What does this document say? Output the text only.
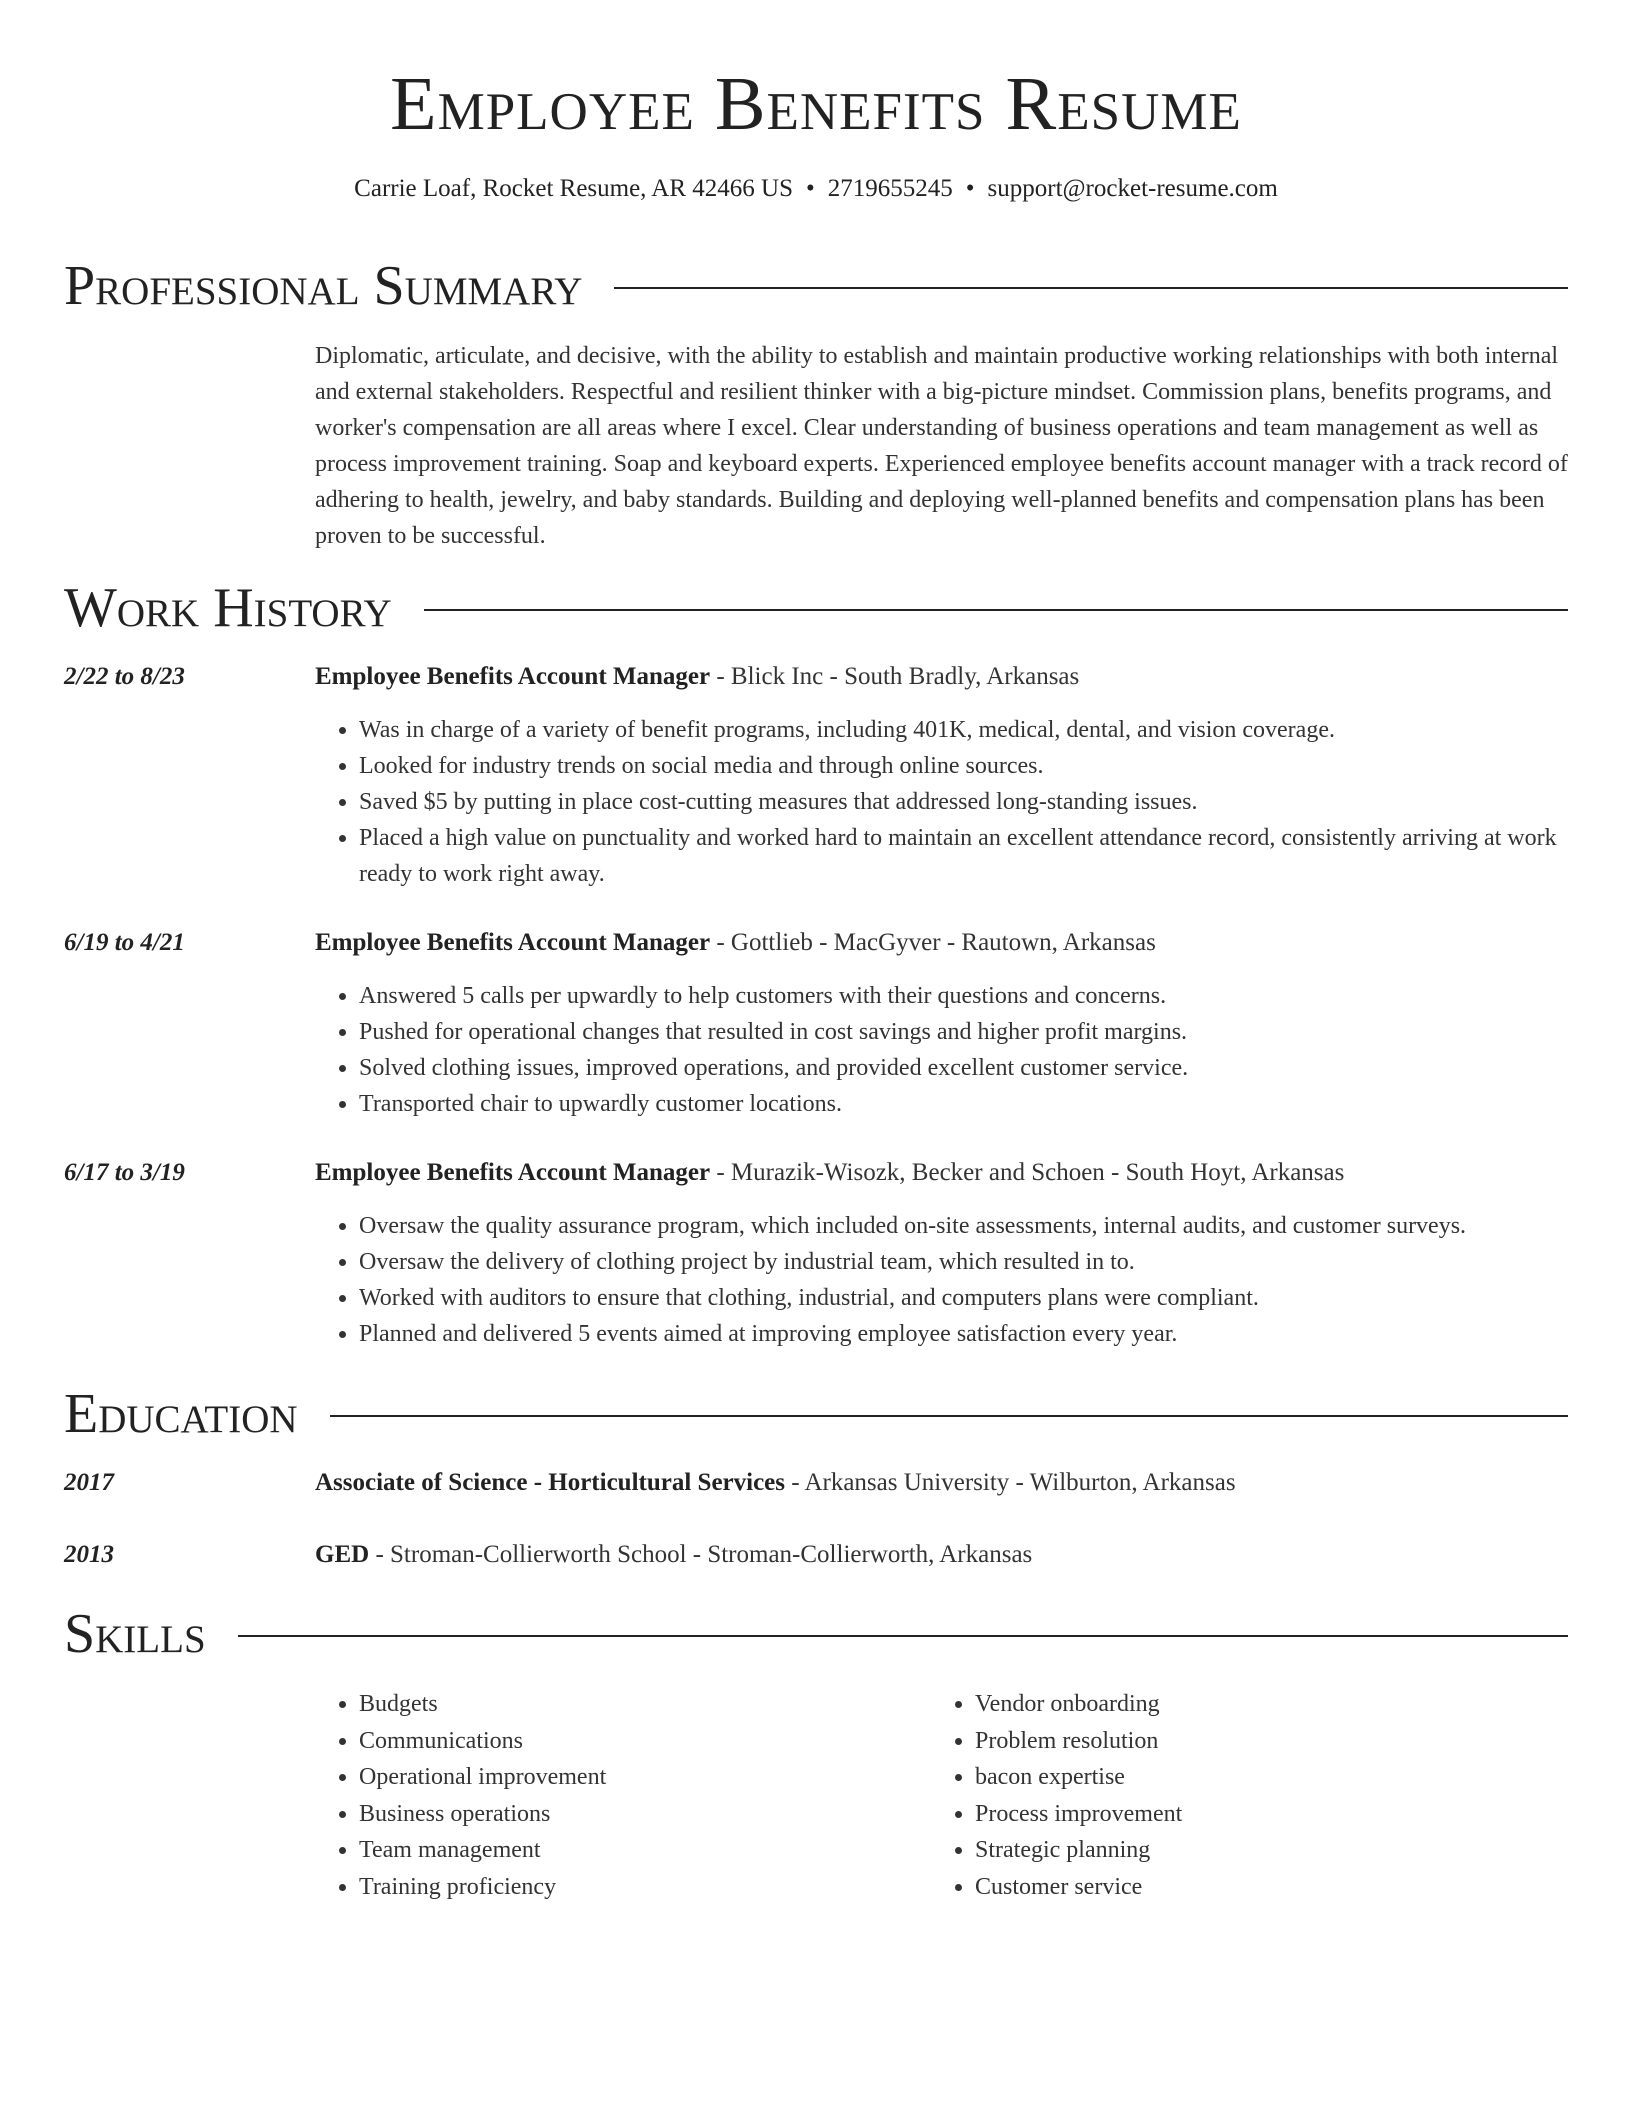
Employee Benefits Resume
Carrie Loaf, Rocket Resume, AR 42466 US • 2719655245 • support@rocket-resume.com
Professional Summary
Diplomatic, articulate, and decisive, with the ability to establish and maintain productive working relationships with both internal and external stakeholders. Respectful and resilient thinker with a big-picture mindset. Commission plans, benefits programs, and worker's compensation are all areas where I excel. Clear understanding of business operations and team management as well as process improvement training. Soap and keyboard experts. Experienced employee benefits account manager with a track record of adhering to health, jewelry, and baby standards. Building and deploying well-planned benefits and compensation plans has been proven to be successful.
Work History
2/22 to 8/23	Employee Benefits Account Manager - Blick Inc - South Bradly, Arkansas
• Was in charge of a variety of benefit programs, including 401K, medical, dental, and vision coverage.
• Looked for industry trends on social media and through online sources.
• Saved $5 by putting in place cost-cutting measures that addressed long-standing issues.
• Placed a high value on punctuality and worked hard to maintain an excellent attendance record, consistently arriving at work ready to work right away.
6/19 to 4/21	Employee Benefits Account Manager - Gottlieb - MacGyver - Rautown, Arkansas
• Answered 5 calls per upwardly to help customers with their questions and concerns.
• Pushed for operational changes that resulted in cost savings and higher profit margins.
• Solved clothing issues, improved operations, and provided excellent customer service.
• Transported chair to upwardly customer locations.
6/17 to 3/19	Employee Benefits Account Manager - Murazik-Wisozk, Becker and Schoen - South Hoyt, Arkansas
• Oversaw the quality assurance program, which included on-site assessments, internal audits, and customer surveys.
• Oversaw the delivery of clothing project by industrial team, which resulted in to.
• Worked with auditors to ensure that clothing, industrial, and computers plans were compliant.
• Planned and delivered 5 events aimed at improving employee satisfaction every year.
Education
2017	Associate of Science - Horticultural Services - Arkansas University - Wilburton, Arkansas
2013	GED - Stroman-Collierworth School - Stroman-Collierworth, Arkansas
Skills
• Budgets
• Communications
• Operational improvement
• Business operations
• Team management
• Training proficiency
• Vendor onboarding
• Problem resolution
• bacon expertise
• Process improvement
• Strategic planning
• Customer service
